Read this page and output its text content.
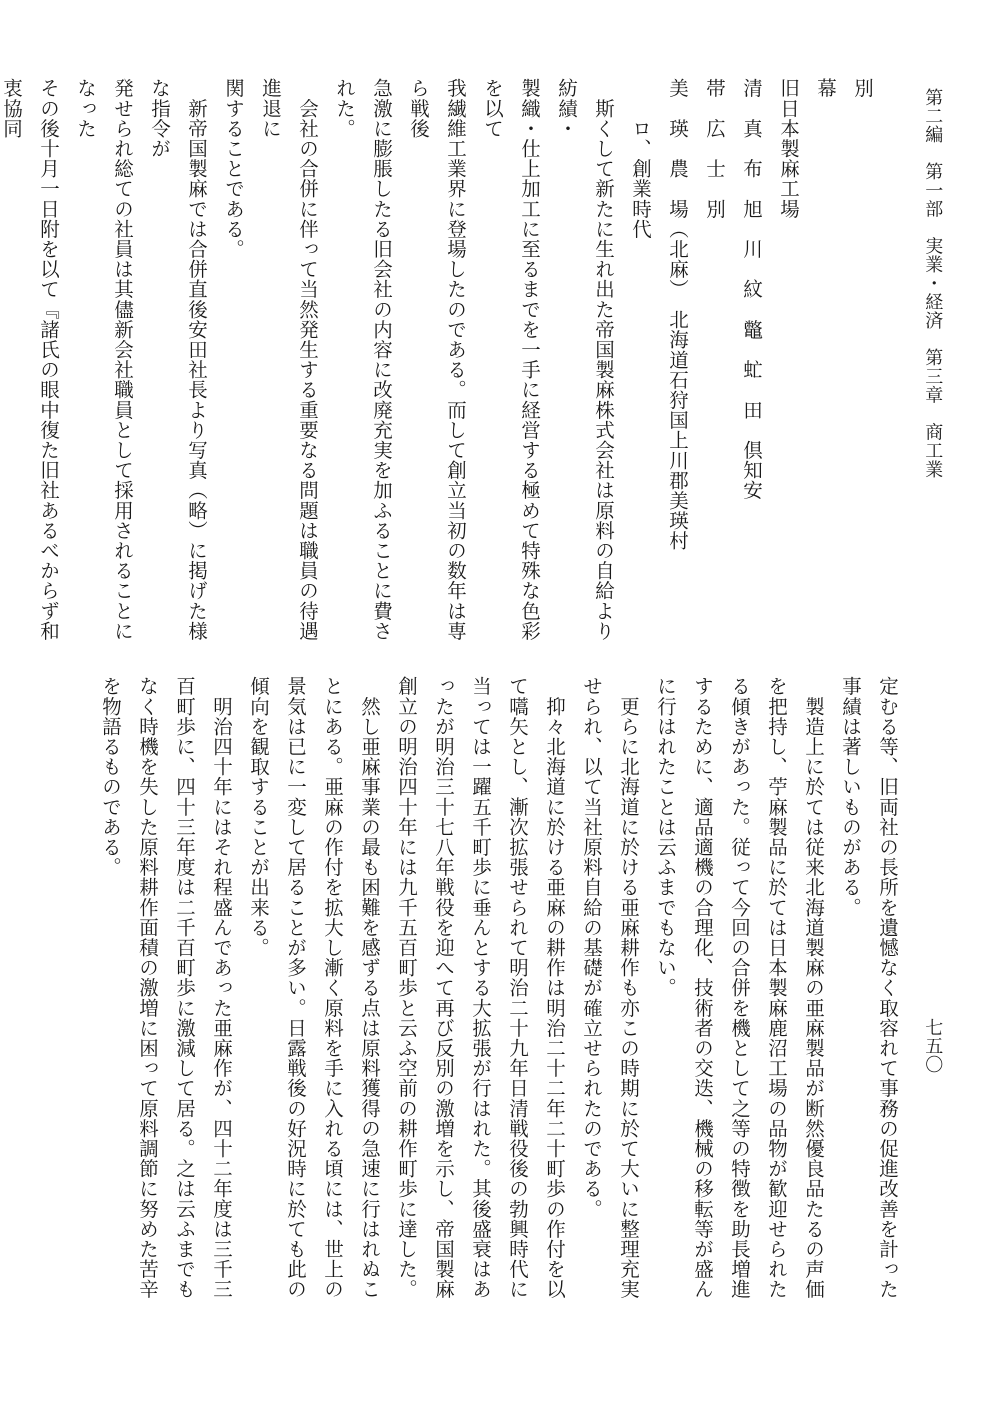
第二編　第一部　実業・経済　第三章　商工業
七五〇

別

幕

旧日本製麻工場

清　真　布　旭　川　紋　鼈　虻　田　倶知安

帯　広　士　別

美　瑛　農　場（北麻）　北海道石狩国上川郡美瑛村

　　ロ、創業時代

　斯くして新たに生れ出た帝国製麻株式会社は原料の自給より紡績・

製織・仕上加工に至るまでを一手に経営する極めて特殊な色彩を以て

我繊維工業界に登場したのである。而して創立当初の数年は専ら戦後

急激に膨脹したる旧会社の内容に改廃充実を加ふることに費された。

　会社の合併に伴って当然発生する重要なる問題は職員の待遇進退に

関することである。

　新帝国製麻では合併直後安田社長より写真（略）に掲げた様な指令が

発せられ総ての社員は其儘新会社職員として採用されることになった

その後十月一日附を以て『諸氏の眼中復た旧社あるべからず和衷協同

定むる等、旧両社の長所を遺憾なく取容れて事務の促進改善を計った

事績は著しいものがある。

　製造上に於ては従来北海道製麻の亜麻製品が断然優良品たるの声価

を把持し、苧麻製品に於ては日本製麻鹿沼工場の品物が歓迎せられた

る傾きがあった。従って今回の合併を機として之等の特徴を助長増進

するために、適品適機の合理化、技術者の交迭、機械の移転等が盛ん

に行はれたことは云ふまでもない。

　更らに北海道に於ける亜麻耕作も亦この時期に於て大いに整理充実

せられ、以て当社原料自給の基礎が確立せられたのである。

　抑々北海道に於ける亜麻の耕作は明治二十二年二十町歩の作付を以

て嚆矢とし、漸次拡張せられて明治二十九年日清戦役後の勃興時代に

当っては一躍五千町歩に垂んとする大拡張が行はれた。其後盛衰はあ

ったが明治三十七八年戦役を迎へて再び反別の激増を示し、帝国製麻

創立の明治四十年には九千五百町歩と云ふ空前の耕作町歩に達した。

　然し亜麻事業の最も困難を感ずる点は原料獲得の急速に行はれぬこ

とにある。亜麻の作付を拡大し漸く原料を手に入れる頃には、世上の

景気は已に一変して居ることが多い。日露戦後の好況時に於ても此の

傾向を観取することが出来る。

　明治四十年にはそれ程盛んであった亜麻作が、四十二年度は三千三

百町歩に、四十三年度は二千百町歩に激減して居る。之は云ふまでも

なく時機を失した原料耕作面積の激増に困って原料調節に努めた苦辛

を物語るものである。
